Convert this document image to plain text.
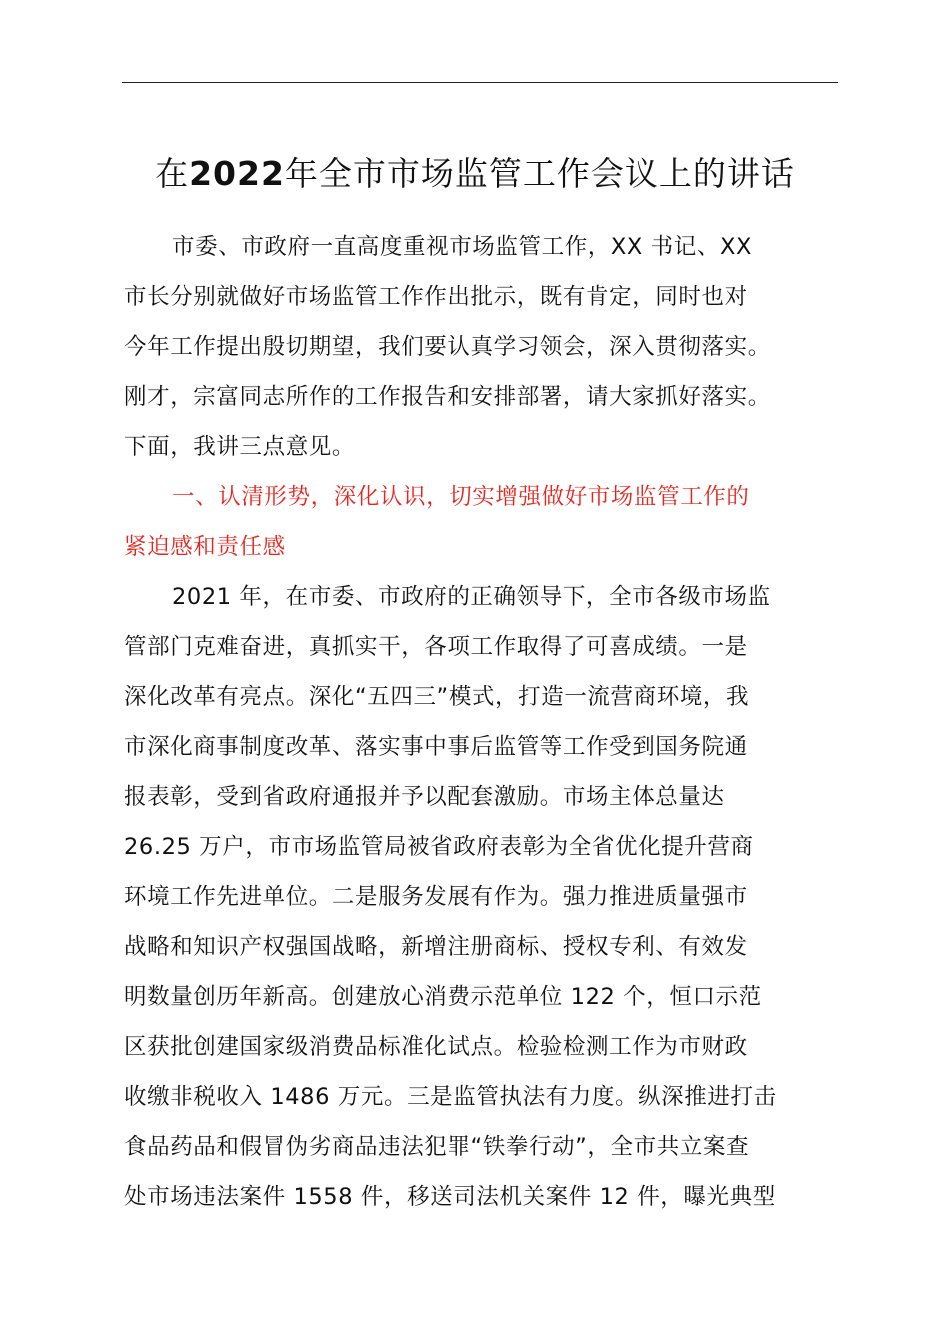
在2022年全市市场监管工作会议上的讲话
市委、市政府一直高度重视市场监管工作，XX 书记、XX
市长分别就做好市场监管工作作出批示，既有肯定，同时也对
今年工作提出殷切期望，我们要认真学习领会，深入贯彻落实。
刚才，宗富同志所作的工作报告和安排部署，请大家抓好落实。
下面，我讲三点意见。
一、认清形势，深化认识，切实增强做好市场监管工作的
紧迫感和责任感
2021 年，在市委、市政府的正确领导下，全市各级市场监
管部门克难奋进，真抓实干，各项工作取得了可喜成绩。一是
深化改革有亮点。深化“五四三”模式，打造一流营商环境，我
市深化商事制度改革、落实事中事后监管等工作受到国务院通
报表彰，受到省政府通报并予以配套激励。市场主体总量达
26.25 万户，市市场监管局被省政府表彰为全省优化提升营商
环境工作先进单位。二是服务发展有作为。强力推进质量强市
战略和知识产权强国战略，新增注册商标、授权专利、有效发
明数量创历年新高。创建放心消费示范单位 122 个，恒口示范
区获批创建国家级消费品标准化试点。检验检测工作为市财政
收缴非税收入 1486 万元。三是监管执法有力度。纵深推进打击
食品药品和假冒伪劣商品违法犯罪“铁拳行动”，全市共立案查
处市场违法案件 1558 件，移送司法机关案件 12 件，曝光典型
